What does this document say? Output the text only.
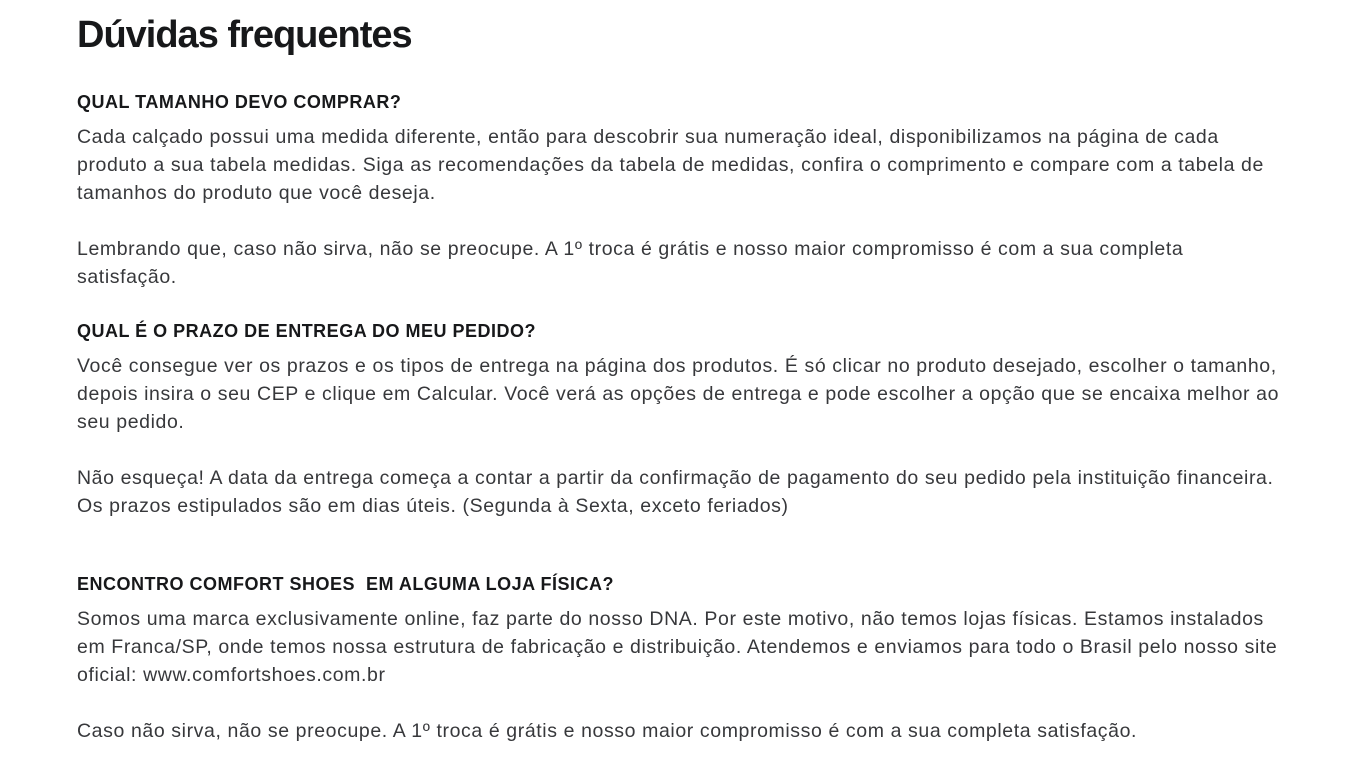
Dúvidas frequentes
QUAL TAMANHO DEVO COMPRAR?

Cada calçado possui uma medida diferente, então para descobrir sua numeração ideal, disponibilizamos na página de cada produto a sua tabela medidas. Siga as recomendações da tabela de medidas, confira o comprimento e compare com a tabela de tamanhos do produto que você deseja.

Lembrando que, caso não sirva, não se preocupe. A 1º troca é grátis e nosso maior compromisso é com a sua completa satisfação.

QUAL É O PRAZO DE ENTREGA DO MEU PEDIDO?

Você consegue ver os prazos e os tipos de entrega na página dos produtos. É só clicar no produto desejado, escolher o tamanho, depois insira o seu CEP e clique em Calcular. Você verá as opções de entrega e pode escolher a opção que se encaixa melhor ao seu pedido.

Não esqueça! A data da entrega começa a contar a partir da confirmação de pagamento do seu pedido pela instituição financeira. Os prazos estipulados são em dias úteis. (Segunda à Sexta, exceto feriados)

ENCONTRO COMFORT SHOES  EM ALGUMA LOJA FÍSICA?

Somos uma marca exclusivamente online, faz parte do nosso DNA. Por este motivo, não temos lojas físicas. Estamos instalados em Franca/SP, onde temos nossa estrutura de fabricação e distribuição. Atendemos e enviamos para todo o Brasil pelo nosso site oficial: www.comfortshoes.com.br

Caso não sirva, não se preocupe. A 1º troca é grátis e nosso maior compromisso é com a sua completa satisfação.
